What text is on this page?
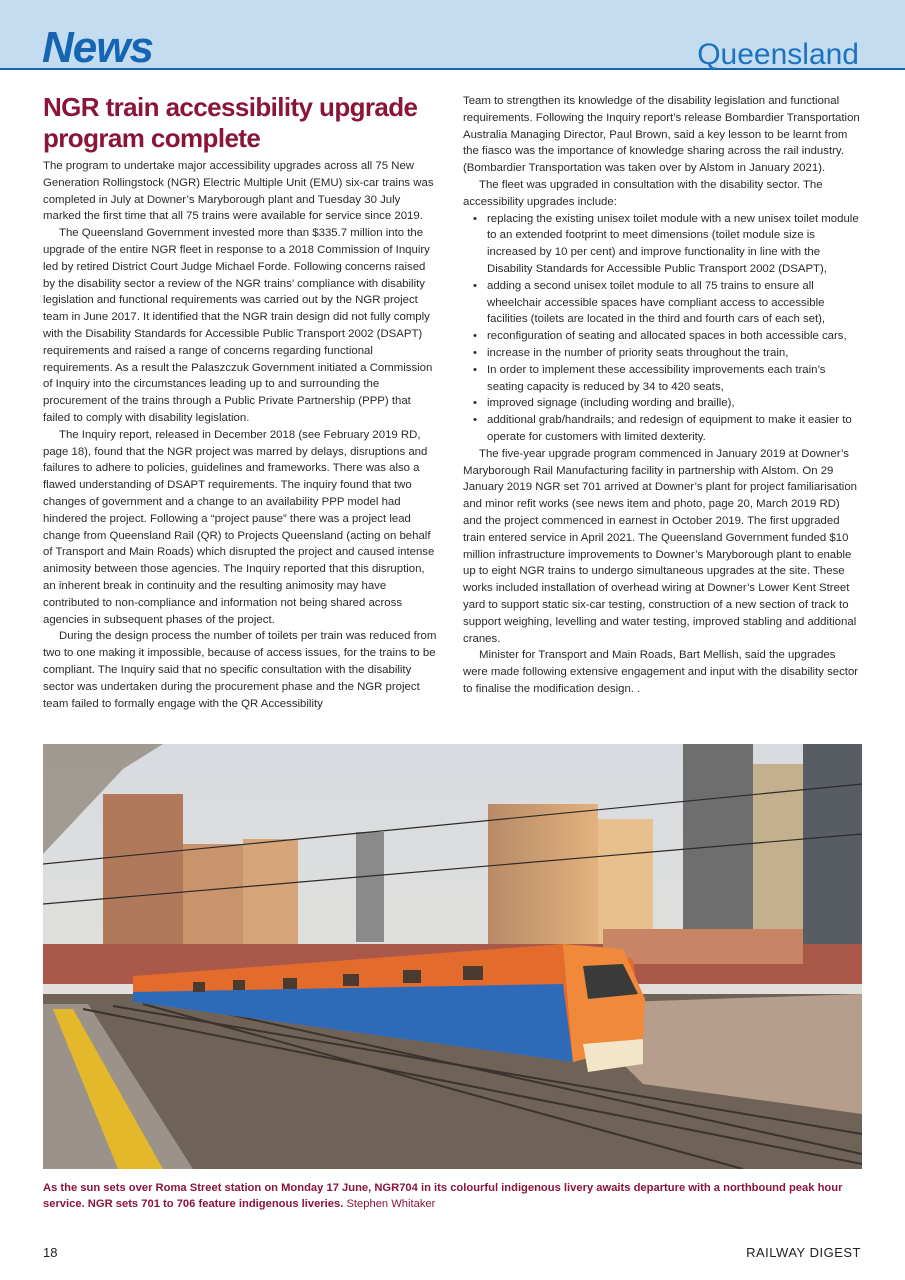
News	Queensland
NGR train accessibility upgrade program complete

The program to undertake major accessibility upgrades across all 75 New Generation Rollingstock (NGR) Electric Multiple Unit (EMU) six-car trains was completed in July at Downer’s Maryborough plant and Tuesday 30 July marked the first time that all 75 trains were available for service since 2019.

The Queensland Government invested more than $335.7 million into the upgrade of the entire NGR fleet in response to a 2018 Commission of Inquiry led by retired District Court Judge Michael Forde. Following concerns raised by the disability sector a review of the NGR trains’ compliance with disability legislation and functional requirements was carried out by the NGR project team in June 2017. It identified that the NGR train design did not fully comply with the Disability Standards for Accessible Public Transport 2002 (DSAPT) requirements and raised a range of concerns regarding functional requirements. As a result the Palaszczuk Government initiated a Commission of Inquiry into the circumstances leading up to and surrounding the procurement of the trains through a Public Private Partnership (PPP) that failed to comply with disability legislation.

The Inquiry report, released in December 2018 (see February 2019 RD, page 18), found that the NGR project was marred by delays, disruptions and failures to adhere to policies, guidelines and frameworks. There was also a flawed understanding of DSAPT requirements. The inquiry found that two changes of government and a change to an availability PPP model had hindered the project. Following a “project pause” there was a project lead change from Queensland Rail (QR) to Projects Queensland (acting on behalf of Transport and Main Roads) which disrupted the project and caused intense animosity between those agencies. The Inquiry reported that this disruption, an inherent break in continuity and the resulting animosity may have contributed to non-compliance and information not being shared across agencies in subsequent phases of the project.

During the design process the number of toilets per train was reduced from two to one making it impossible, because of access issues, for the trains to be compliant. The Inquiry said that no specific consultation with the disability sector was undertaken during the procurement phase and the NGR project team failed to formally engage with the QR Accessibility

Team to strengthen its knowledge of the disability legislation and functional requirements. Following the Inquiry report’s release Bombardier Transportation Australia Managing Director, Paul Brown, said a key lesson to be learnt from the fiasco was the importance of knowledge sharing across the rail industry. (Bombardier Transportation was taken over by Alstom in January 2021).

The fleet was upgraded in consultation with the disability sector. The accessibility upgrades include:

• replacing the existing unisex toilet module with a new unisex toilet module to an extended footprint to meet dimensions (toilet module size is increased by 10 per cent) and improve functionality in line with the Disability Standards for Accessible Public Transport 2002 (DSAPT),
• adding a second unisex toilet module to all 75 trains to ensure all wheelchair accessible spaces have compliant access to accessible facilities (toilets are located in the third and fourth cars of each set),
• reconfiguration of seating and allocated spaces in both accessible cars,
• increase in the number of priority seats throughout the train,
• In order to implement these accessibility improvements each train’s seating capacity is reduced by 34 to 420 seats,
• improved signage (including wording and braille),
• additional grab/handrails; and redesign of equipment to make it easier to operate for customers with limited dexterity.

The five-year upgrade program commenced in January 2019 at Downer’s Maryborough Rail Manufacturing facility in partnership with Alstom. On 29 January 2019 NGR set 701 arrived at Downer’s plant for project familiarisation and minor refit works (see news item and photo, page 20, March 2019 RD) and the project commenced in earnest in October 2019. The first upgraded train entered service in April 2021. The Queensland Government funded $10 million infrastructure improvements to Downer’s Maryborough plant to enable up to eight NGR trains to undergo simultaneous upgrades at the site. These works included installation of overhead wiring at Downer’s Lower Kent Street yard to support static six-car testing, construction of a new section of track to support weighing, levelling and water testing, improved stabling and additional cranes.

Minister for Transport and Main Roads, Bart Mellish, said the upgrades were made following extensive engagement and input with the disability sector to finalise the modification design. .

As the sun sets over Roma Street station on Monday 17 June, NGR704 in its colourful indigenous livery awaits departure with a northbound peak hour service. NGR sets 701 to 706 feature indigenous liveries. Stephen Whitaker
18	RAILWAY DIGEST
